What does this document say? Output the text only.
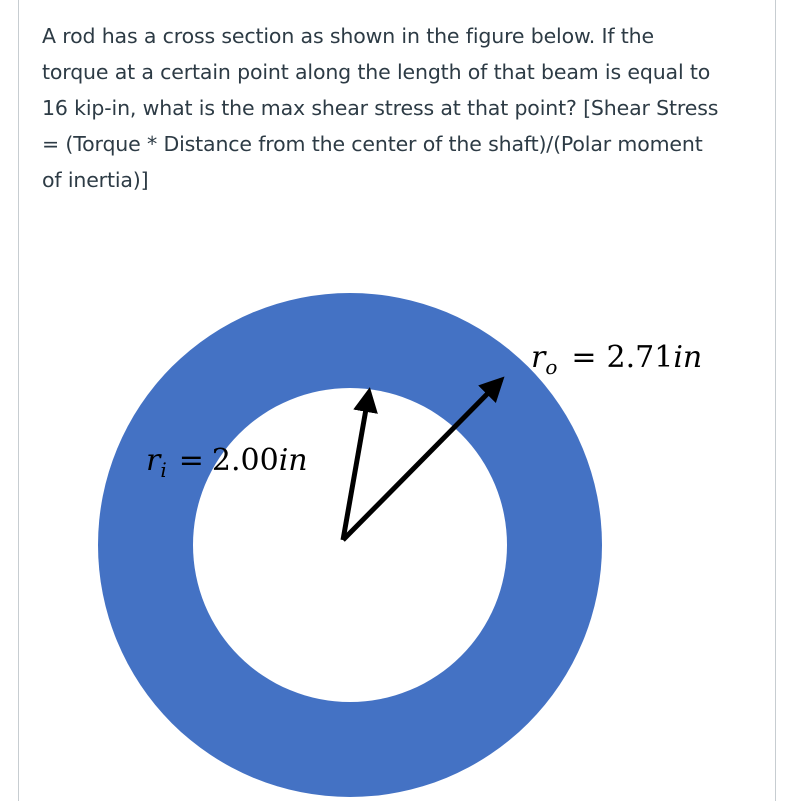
A rod has a cross section as shown in the figure below. If the
torque at a certain point along the length of that beam is equal to
16 kip-in, what is the max shear stress at that point? [Shear Stress
= (Torque * Distance from the center of the shaft)/(Polar moment
of inertia)]

$r_o = 2.71in$
$r_i = 2.00in$
